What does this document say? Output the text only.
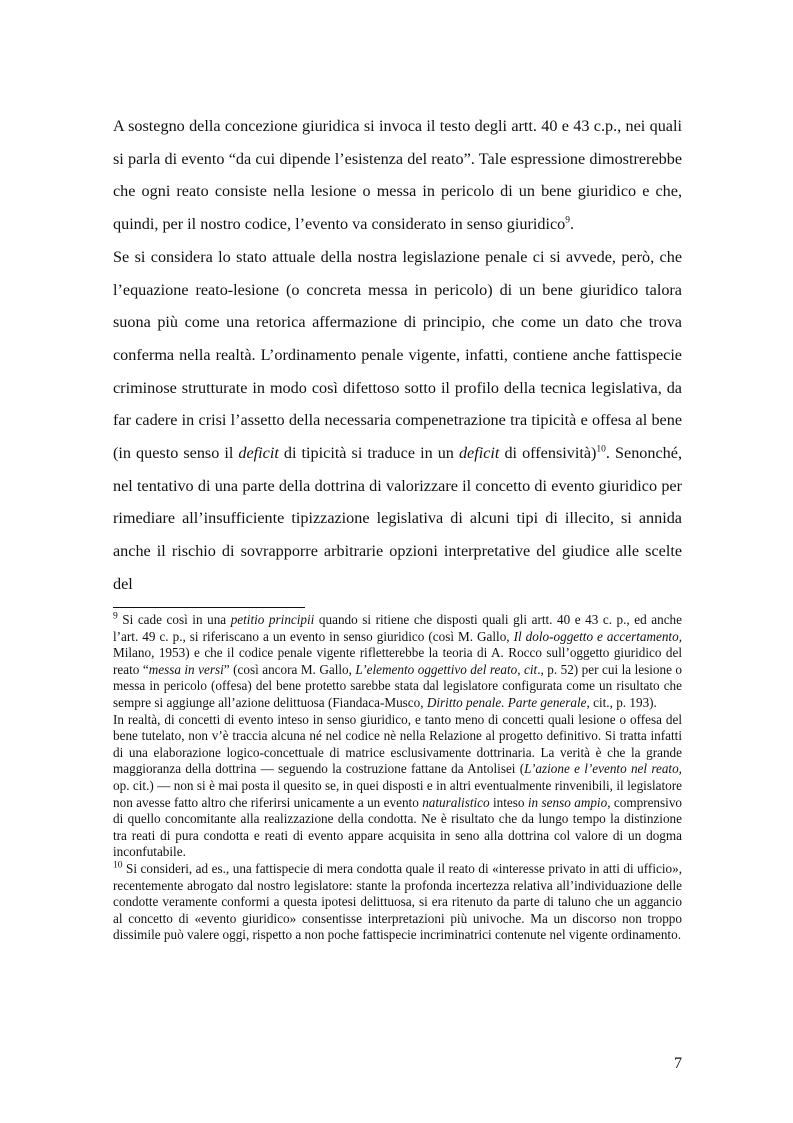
A sostegno della concezione giuridica si invoca il testo degli artt. 40 e 43 c.p., nei quali si parla di evento “da cui dipende l’esistenza del reato”. Tale espressione dimostrerebbe che ogni reato consiste nella lesione o messa in pericolo di un bene giuridico e che, quindi, per il nostro codice, l’evento va considerato in senso giuridico$^9$.

Se si considera lo stato attuale della nostra legislazione penale ci si avvede, però, che l’equazione reato-lesione (o concreta messa in pericolo) di un bene giuridico talora suona più come una retorica affermazione di principio, che come un dato che trova conferma nella realtà. L’ordinamento penale vigente, infatti, contiene anche fattispecie criminose strutturate in modo così difettoso sotto il profilo della tecnica legislativa, da far cadere in crisi l’assetto della necessaria compenetrazione tra tipicità e offesa al bene (in questo senso il deficit di tipicità si traduce in un deficit di offensività)$^{10}$. Senonché, nel tentativo di una parte della dottrina di valorizzare il concetto di evento giuridico per rimediare all’insufficiente tipizzazione legislativa di alcuni tipi di illecito, si annida anche il rischio di sovrapporre arbitrarie opzioni interpretative del giudice alle scelte del

$^9$ Si cade così in una petitio principii quando si ritiene che disposti quali gli artt. 40 e 43 c. p., ed anche l’art. 49 c. p., si riferiscano a un evento in senso giuridico (così M. Gallo, Il dolo-oggetto e accertamento, Milano, 1953) e che il codice penale vigente rifletterebbe la teoria di A. Rocco sull’oggetto giuridico del reato “messa in versi” (così ancora M. Gallo, L’elemento oggettivo del reato, cit., p. 52) per cui la lesione o messa in pericolo (offesa) del bene protetto sarebbe stata dal legislatore configurata come un risultato che sempre si aggiunge all’azione delittuosa (Fiandaca-Musco, Diritto penale. Parte generale, cit., p. 193).

In realtà, di concetti di evento inteso in senso giuridico, e tanto meno di concetti quali lesione o offesa del bene tutelato, non v’è traccia alcuna né nel codice nè nella Relazione al progetto definitivo. Si tratta infatti di una elaborazione logico-concettuale di matrice esclusivamente dottrinaria. La verità è che la grande maggioranza della dottrina — seguendo la costruzione fattane da Antolisei (L’azione e l’evento nel reato, op. cit.) — non si è mai posta il quesito se, in quei disposti e in altri eventualmente rinvenibili, il legislatore non avesse fatto altro che riferirsi unicamente a un evento naturalistico inteso in senso ampio, comprensivo di quello concomitante alla realizzazione della condotta. Ne è risultato che da lungo tempo la distinzione tra reati di pura condotta e reati di evento appare acquisita in seno alla dottrina col valore di un dogma inconfutabile.

$^{10}$ Si consideri, ad es., una fattispecie di mera condotta quale il reato di «interesse privato in atti di ufficio», recentemente abrogato dal nostro legislatore: stante la profonda incertezza relativa all’individuazione delle condotte veramente conformi a questa ipotesi delittuosa, si era ritenuto da parte di taluno che un aggancio al concetto di «evento giuridico» consentisse interpretazioni più univoche. Ma un discorso non troppo dissimile può valere oggi, rispetto a non poche fattispecie incriminatrici contenute nel vigente ordinamento.

7
